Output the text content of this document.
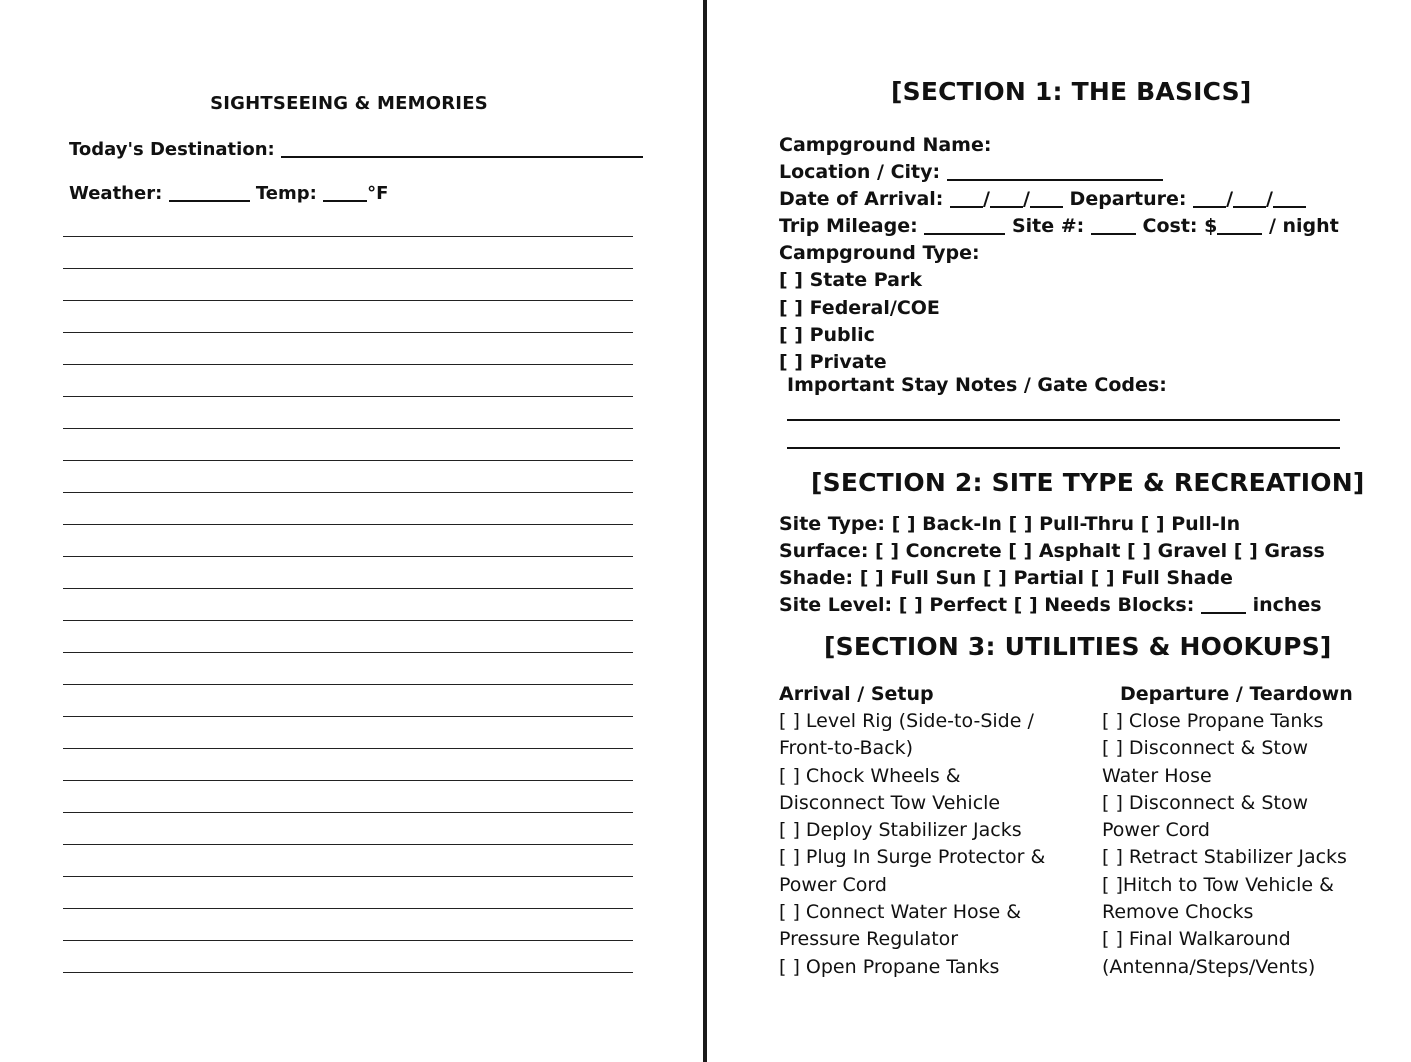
SIGHTSEEING & MEMORIES
Today's Destination:
Weather:	Temp:	°F
[SECTION 1: THE BASICS]
Campground Name:
Location / City:
Date of Arrival: / / Departure: / /
Trip Mileage:	Site #:	Cost: $	/ night
Campground Type:
[ ] State Park
[ ] Federal/COE
[ ] Public
[ ] Private
Important Stay Notes / Gate Codes:
[SECTION 2: SITE TYPE & RECREATION]
Site Type: [ ] Back-In [ ] Pull-Thru [ ] Pull-In
Surface: [ ] Concrete [ ] Asphalt [ ] Gravel [ ] Grass
Shade: [ ] Full Sun [ ] Partial [ ] Full Shade
Site Level: [ ] Perfect [ ] Needs Blocks:	inches
[SECTION 3: UTILITIES & HOOKUPS]
Arrival / Setup
[ ] Level Rig (Side-to-Side /
Front-to-Back)
[ ] Chock Wheels &
Disconnect Tow Vehicle
[ ] Deploy Stabilizer Jacks
[ ] Plug In Surge Protector &
Power Cord
[ ] Connect Water Hose &
Pressure Regulator
[ ] Open Propane Tanks
Departure / Teardown
[ ] Close Propane Tanks
[ ] Disconnect & Stow
Water Hose
[ ] Disconnect & Stow
Power Cord
[ ] Retract Stabilizer Jacks
[ ]Hitch to Tow Vehicle &
Remove Chocks
[ ] Final Walkaround
(Antenna/Steps/Vents)
